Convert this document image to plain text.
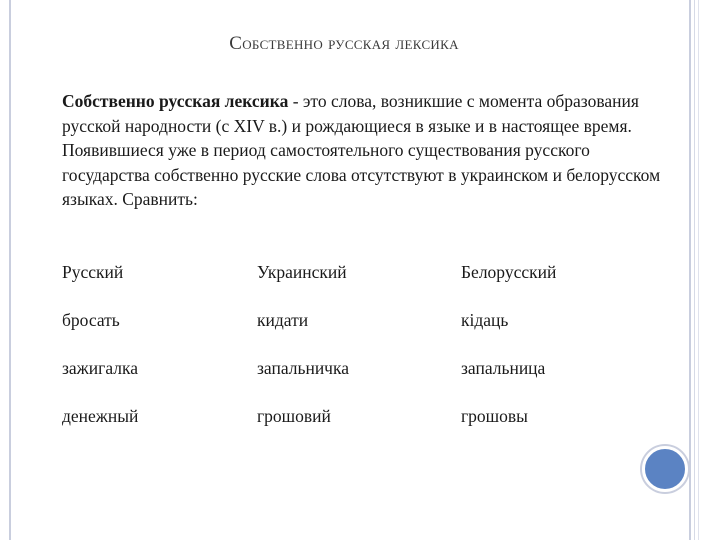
Собственно русская лексика

Собственно русская лексика - это слова, возникшие с момента образования русской народности (с XIV в.) и рождающиеся в языке и в настоящее время.

Появившиеся уже в период самостоятельного существования русского государства собственно русские слова отсутствуют в украинском и белорусском языках. Сравнить:

Русский	Украинский	Белорусский
бросать	кидати	кідаць
зажигалка	запальничка	запальница
денежный	грошовий	грошовы
